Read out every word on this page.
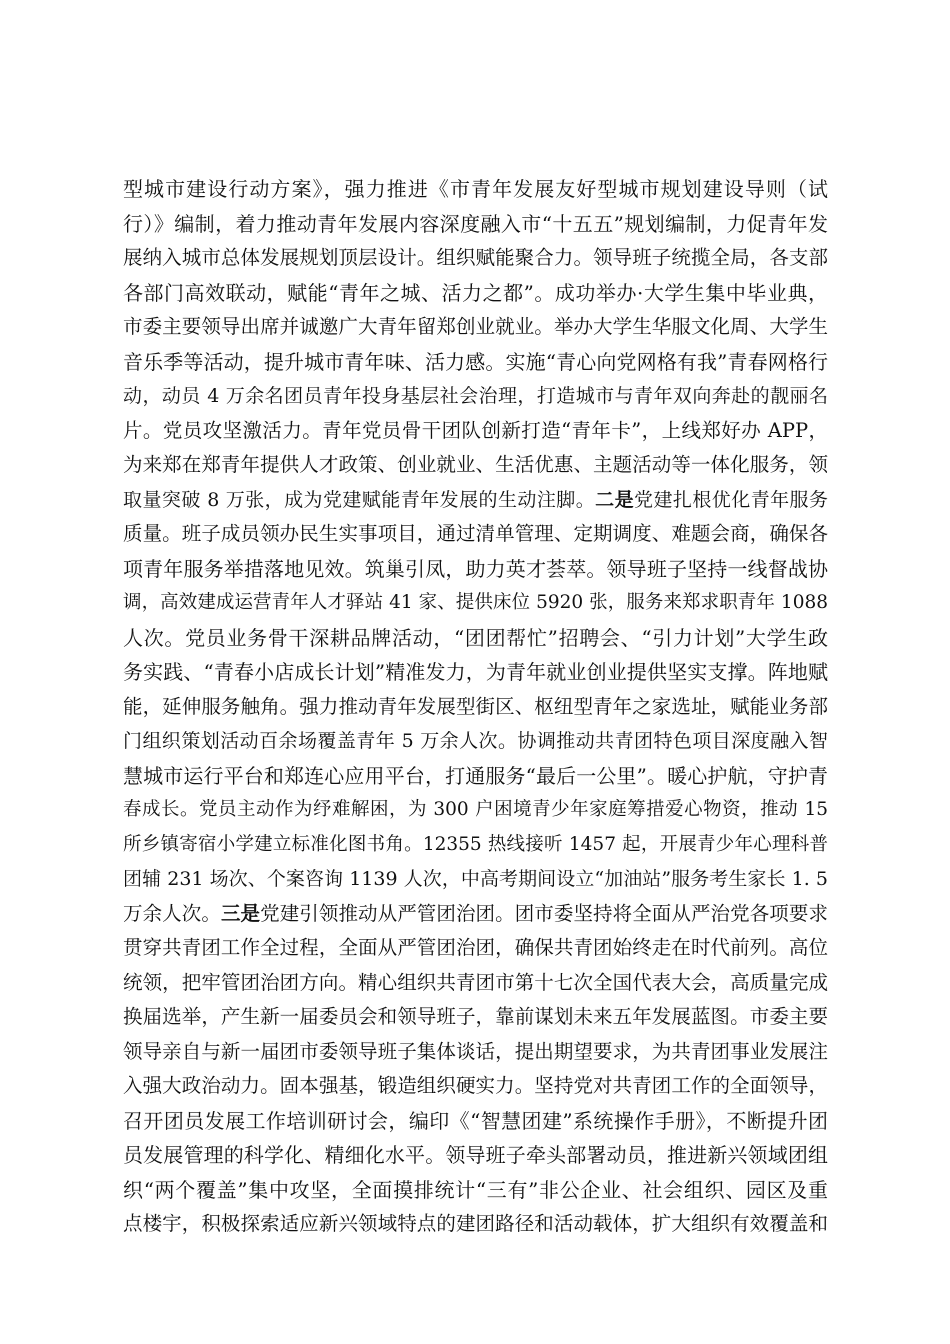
型城市建设行动方案》，强力推进《市青年发展友好型城市规划建设导则（试
行）》编制，着力推动青年发展内容深度融入市“十五五”规划编制，力促青年发
展纳入城市总体发展规划顶层设计。组织赋能聚合力。领导班子统揽全局，各支部
各部门高效联动，赋能“青年之城、活力之都”。成功举办·大学生集中毕业典，
市委主要领导出席并诚邀广大青年留郑创业就业。举办大学生华服文化周、大学生
音乐季等活动，提升城市青年味、活力感。实施“青心向党网格有我”青春网格行
动，动员 4 万余名团员青年投身基层社会治理，打造城市与青年双向奔赴的靓丽名
片。党员攻坚激活力。青年党员骨干团队创新打造“青年卡”，上线郑好办 APP，
为来郑在郑青年提供人才政策、创业就业、生活优惠、主题活动等一体化服务，领
取量突破 8 万张，成为党建赋能青年发展的生动注脚。二是党建扎根优化青年服务
质量。班子成员领办民生实事项目，通过清单管理、定期调度、难题会商，确保各
项青年服务举措落地见效。筑巢引凤，助力英才荟萃。领导班子坚持一线督战协
调，高效建成运营青年人才驿站 41 家、提供床位 5920 张，服务来郑求职青年 1088
人次。党员业务骨干深耕品牌活动，“团团帮忙”招聘会、“引力计划”大学生政
务实践、“青春小店成长计划”精准发力，为青年就业创业提供坚实支撑。阵地赋
能，延伸服务触角。强力推动青年发展型街区、枢纽型青年之家选址，赋能业务部
门组织策划活动百余场覆盖青年 5 万余人次。协调推动共青团特色项目深度融入智
慧城市运行平台和郑连心应用平台，打通服务“最后一公里”。暖心护航，守护青
春成长。党员主动作为纾难解困，为 300 户困境青少年家庭筹措爱心物资，推动 15
所乡镇寄宿小学建立标准化图书角。12355 热线接听 1457 起，开展青少年心理科普
团辅 231 场次、个案咨询 1139 人次，中高考期间设立“加油站”服务考生家长 1. 5
万余人次。三是党建引领推动从严管团治团。团市委坚持将全面从严治党各项要求
贯穿共青团工作全过程，全面从严管团治团，确保共青团始终走在时代前列。高位
统领，把牢管团治团方向。精心组织共青团市第十七次全国代表大会，高质量完成
换届选举，产生新一届委员会和领导班子，靠前谋划未来五年发展蓝图。市委主要
领导亲自与新一届团市委领导班子集体谈话，提出期望要求，为共青团事业发展注
入强大政治动力。固本强基，锻造组织硬实力。坚持党对共青团工作的全面领导，
召开团员发展工作培训研讨会，编印《“智慧团建”系统操作手册》，不断提升团
员发展管理的科学化、精细化水平。领导班子牵头部署动员，推进新兴领域团组
织“两个覆盖”集中攻坚，全面摸排统计“三有”非公企业、社会组织、园区及重
点楼宇，积极探索适应新兴领域特点的建团路径和活动载体，扩大组织有效覆盖和
